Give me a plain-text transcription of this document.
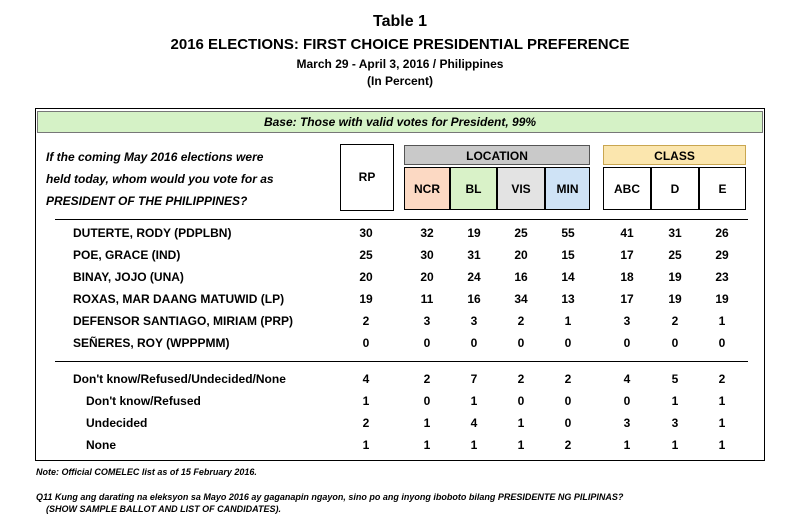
Table 1
2016 ELECTIONS: FIRST CHOICE PRESIDENTIAL PREFERENCE
March 29 - April 3, 2016 / Philippines
(In Percent)
Base: Those with valid votes for President, 99%
If the coming May 2016 elections were
held today, whom would you vote for as
PRESIDENT OF THE PHILIPPINES?
RP
LOCATION	CLASS
NCR	BL	VIS	MIN	ABC	D	E
DUTERTE, RODY (PDPLBN)	30	32	19	25	55	41	31	26
POE, GRACE (IND)	25	30	31	20	15	17	25	29
BINAY, JOJO (UNA)	20	20	24	16	14	18	19	23
ROXAS, MAR DAANG MATUWID (LP)	19	11	16	34	13	17	19	19
DEFENSOR SANTIAGO, MIRIAM (PRP)	2	3	3	2	1	3	2	1
SEÑERES, ROY (WPPPMM)	0	0	0	0	0	0	0	0
Don't know/Refused/Undecided/None	4	2	7	2	2	4	5	2
Don't know/Refused	1	0	1	0	0	0	1	1
Undecided	2	1	4	1	0	3	3	1
None	1	1	1	1	2	1	1	1
Note: Official COMELEC list as of 15 February 2016.
Q11 Kung ang darating na eleksyon sa Mayo 2016 ay gaganapin ngayon, sino po ang inyong iboboto bilang PRESIDENTE NG PILIPINAS?
(SHOW SAMPLE BALLOT AND LIST OF CANDIDATES).
